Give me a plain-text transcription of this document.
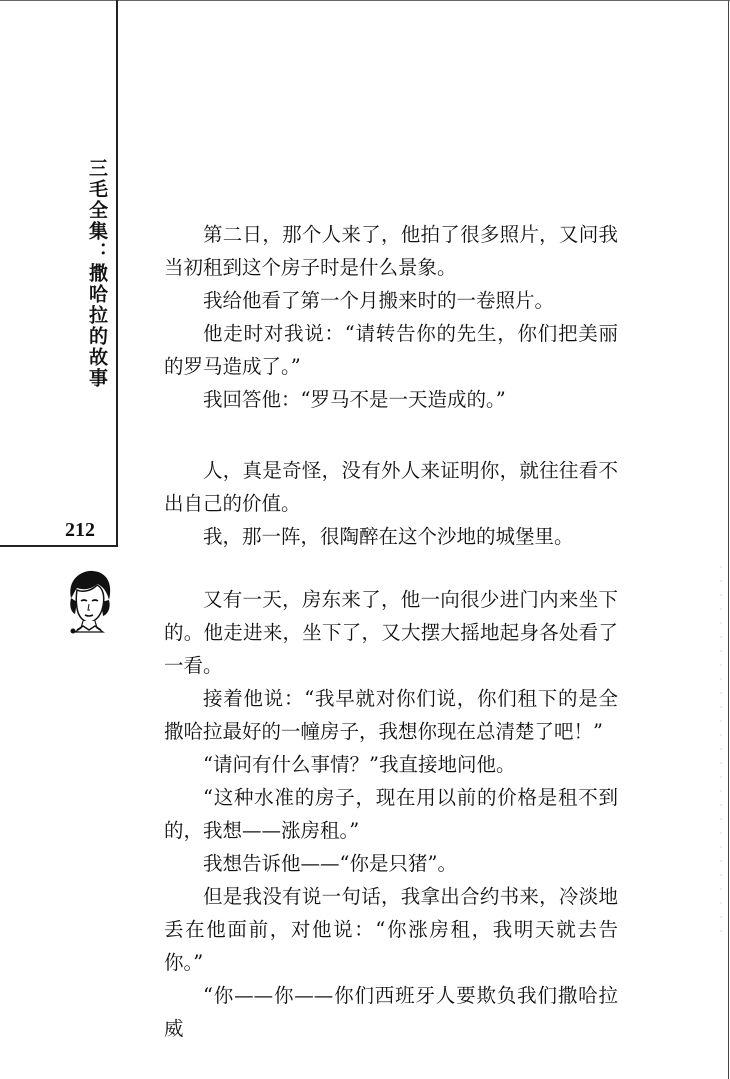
三毛全集：撒哈拉的故事
212

第二日，那个人来了，他拍了很多照片，又问我当初租到这个房子时是什么景象。

我给他看了第一个月搬来时的一卷照片。

他走时对我说：“请转告你的先生，你们把美丽的罗马造成了。”

我回答他：“罗马不是一天造成的。”

人，真是奇怪，没有外人来证明你，就往往看不出自己的价值。

我，那一阵，很陶醉在这个沙地的城堡里。

又有一天，房东来了，他一向很少进门内来坐下的。他走进来，坐下了，又大摆大摇地起身各处看了一看。

接着他说：“我早就对你们说，你们租下的是全撒哈拉最好的一幢房子，我想你现在总清楚了吧！”

“请问有什么事情？”我直接地问他。

“这种水准的房子，现在用以前的价格是租不到的，我想——涨房租。”

我想告诉他——“你是只猪”。

但是我没有说一句话，我拿出合约书来，冷淡地丢在他面前，对他说：“你涨房租，我明天就去告你。”

“你——你——你们西班牙人要欺负我们撒哈拉威
